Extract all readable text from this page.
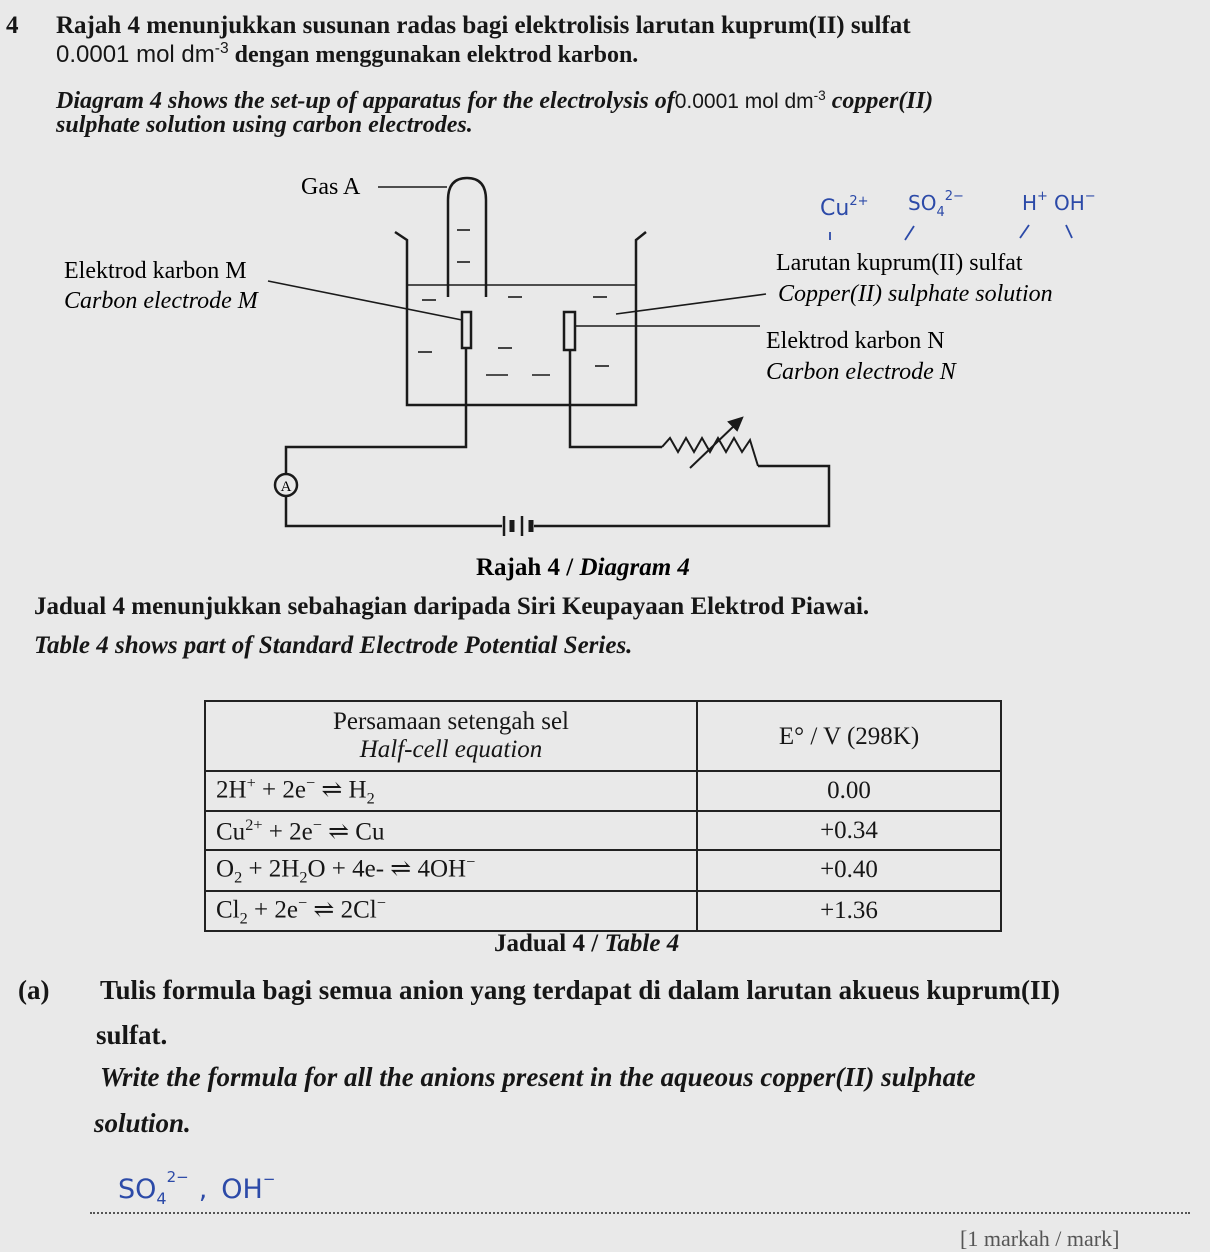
4 Rajah 4 menunjukkan susunan radas bagi elektrolisis larutan kuprum(II) sulfat
0.0001 mol $dm^{-3}$ dengan menggunakan elektrod karbon.
Diagram 4 shows the set-up of apparatus for the electrolysis of0.0001 mol $dm^{-3}$ copper(II)
sulphate solution using carbon electrodes.
A
Gas A
Elektrod karbon M
Carbon electrode M
Larutan kuprum(II) sulfat
Copper(II) sulphate solution
Elektrod karbon N
Carbon electrode N
Rajah 4 / Diagram 4
$Cu^{2+}$ $SO_4^{2-}$	H+ OH−
Jadual 4 menunjukkan sebahagian daripada Siri Keupayaan Elektrod Piawai.
Table 4 shows part of Standard Electrode Potential Series.
Persamaan setengah sel
Half-cell equation	E° / V (298K)
2H+ + 2e− ⇌ $H_2$	0.00
$Cu^{2+} + 2e^-$ ⇌ Cu	+0.34
$O_2 + 2H_2O + 4e-$ ⇌ 4OH−	+0.40
$Cl_2 + 2e^-$ ⇌ 2Cl−	+1.36
Jadual 4 / Table 4
(a) Tulis formula bagi semua anion yang terdapat di dalam larutan akueus kuprum(II)
sulfat.
Write the formula for all the anions present in the aqueous copper(II) sulphate
solution.
$SO_4^{2-}$ , OH−
[1 markah / mark]
